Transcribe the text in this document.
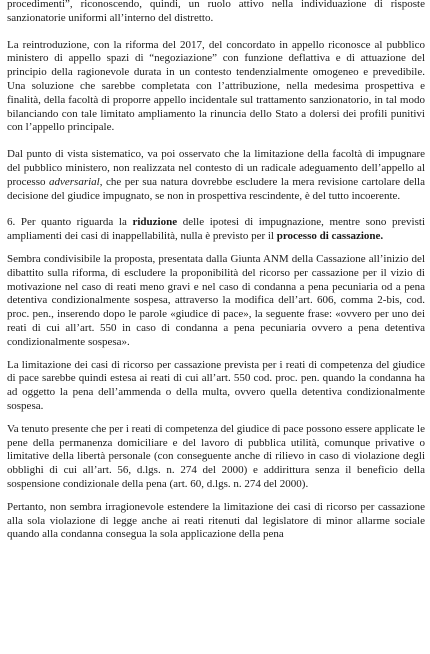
procedimenti”, riconoscendo, quindi, un ruolo attivo nella individuazione di risposte sanzionatorie uniformi all’interno del distretto.

La reintroduzione, con la riforma del 2017, del concordato in appello riconosce al pubblico ministero di appello spazi di “negoziazione” con funzione deflattiva e di attuazione del principio della ragionevole durata in un contesto tendenzialmente omogeneo e prevedibile. Una soluzione che sarebbe completata con l’attribuzione, nella medesima prospettiva e finalità, della facoltà di proporre appello incidentale sul trattamento sanzionatorio, in tal modo bilanciando con tale limitato ampliamento la rinuncia dello Stato a dolersi dei profili punitivi con l’appello principale.

Dal punto di vista sistematico, va poi osservato che la limitazione della facoltà di impugnare del pubblico ministero, non realizzata nel contesto di un radicale adeguamento dell’appello al processo adversarial, che per sua natura dovrebbe escludere la mera revisione cartolare della decisione del giudice impugnato, se non in prospettiva rescindente, è del tutto incoerente.

6. Per quanto riguarda la riduzione delle ipotesi di impugnazione, mentre sono previsti ampliamenti dei casi di inappellabilità, nulla è previsto per il processo di cassazione.

Sembra condivisibile la proposta, presentata dalla Giunta ANM della Cassazione all’inizio del dibattito sulla riforma, di escludere la proponibilità del ricorso per cassazione per il vizio di motivazione nel caso di reati meno gravi e nel caso di condanna a pena pecuniaria od a pena detentiva condizionalmente sospesa, attraverso la modifica dell’art. 606, comma 2-bis, cod. proc. pen., inserendo dopo le parole «giudice di pace», la seguente frase: «ovvero per uno dei reati di cui all’art. 550 in caso di condanna a pena pecuniaria ovvero a pena detentiva condizionalmente sospesa».

La limitazione dei casi di ricorso per cassazione prevista per i reati di competenza del giudice di pace sarebbe quindi estesa ai reati di cui all’art. 550 cod. proc. pen. quando la condanna ha ad oggetto la pena dell’ammenda o della multa, ovvero quella detentiva condizionalmente sospesa.

Va tenuto presente che per i reati di competenza del giudice di pace possono essere applicate le pene della permanenza domiciliare e del lavoro di pubblica utilità, comunque privative o limitative della libertà personale (con conseguente anche di rilievo in caso di violazione degli obblighi di cui all’art. 56, d.lgs. n. 274 del 2000) e addirittura senza il beneficio della sospensione condizionale della pena (art. 60, d.lgs. n. 274 del 2000).

Pertanto, non sembra irragionevole estendere la limitazione dei casi di ricorso per cassazione alla sola violazione di legge anche ai reati ritenuti dal legislatore di minor allarme sociale quando alla condanna consegua la sola applicazione della pena
